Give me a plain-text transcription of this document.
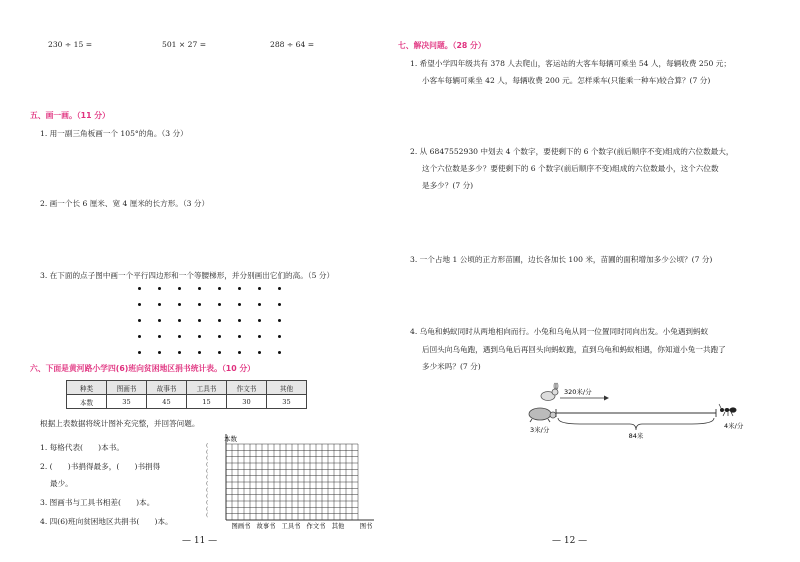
230 ÷ 15 =	501 × 27 =	288 ÷ 64 =
五、画一画。（11 分）
1. 用一副三角板画一个 105°的角。（3 分）
2. 画一个长 6 厘米、宽 4 厘米的长方形。（3 分）
3. 在下面的点子图中画一个平行四边形和一个等腰梯形，并分别画出它们的高。（5 分）
六、下面是黄河路小学四(6)班向贫困地区捐书统计表。（10 分）
种类	图画书	故事书	工具书	作文书	其他
本数	35	45	15	30	35
根据上表数据将统计图补充完整，并回答问题。
1. 每格代表(　　)本书。
2. (　　)书捐得最多，(　　)书捐得
最少。
3. 图画书与工具书相差(　　)本。
4. 四(6)班向贫困地区共捐书(　　)本。
(
(
(
(
(
(
(
(
(
(
(
(
本数
图画书 故事书 工具书 作文书 其他 图书
— 11 —
七、解决问题。（28 分）
1. 希望小学四年级共有 378 人去爬山，客运站的大客车每辆可乘坐 54 人，每辆收费 250 元；
小客车每辆可乘坐 42 人，每辆收费 200 元。怎样乘车(只能乘一种车)较合算？(7 分)
2. 从 6847552930 中划去 4 个数字，要使剩下的 6 个数字(前后顺序不变)组成的六位数最大，
这个六位数是多少？要使剩下的 6 个数字(前后顺序不变)组成的六位数最小，这个六位数
是多少？(7 分)
3. 一个占地 1 公顷的正方形苗圃，边长各加长 100 米，苗圃的面积增加多少公顷？(7 分)
4. 乌龟和蚂蚁同时从两地相向而行。小兔和乌龟从同一位置同时同向出发。小兔遇到蚂蚁
后回头向乌龟跑，遇到乌龟后再回头向蚂蚁跑，直到乌龟和蚂蚁相遇，你知道小兔一共跑了
多少米吗？(7 分)
320米/分
3米/分
84米
4米/分
— 12 —
